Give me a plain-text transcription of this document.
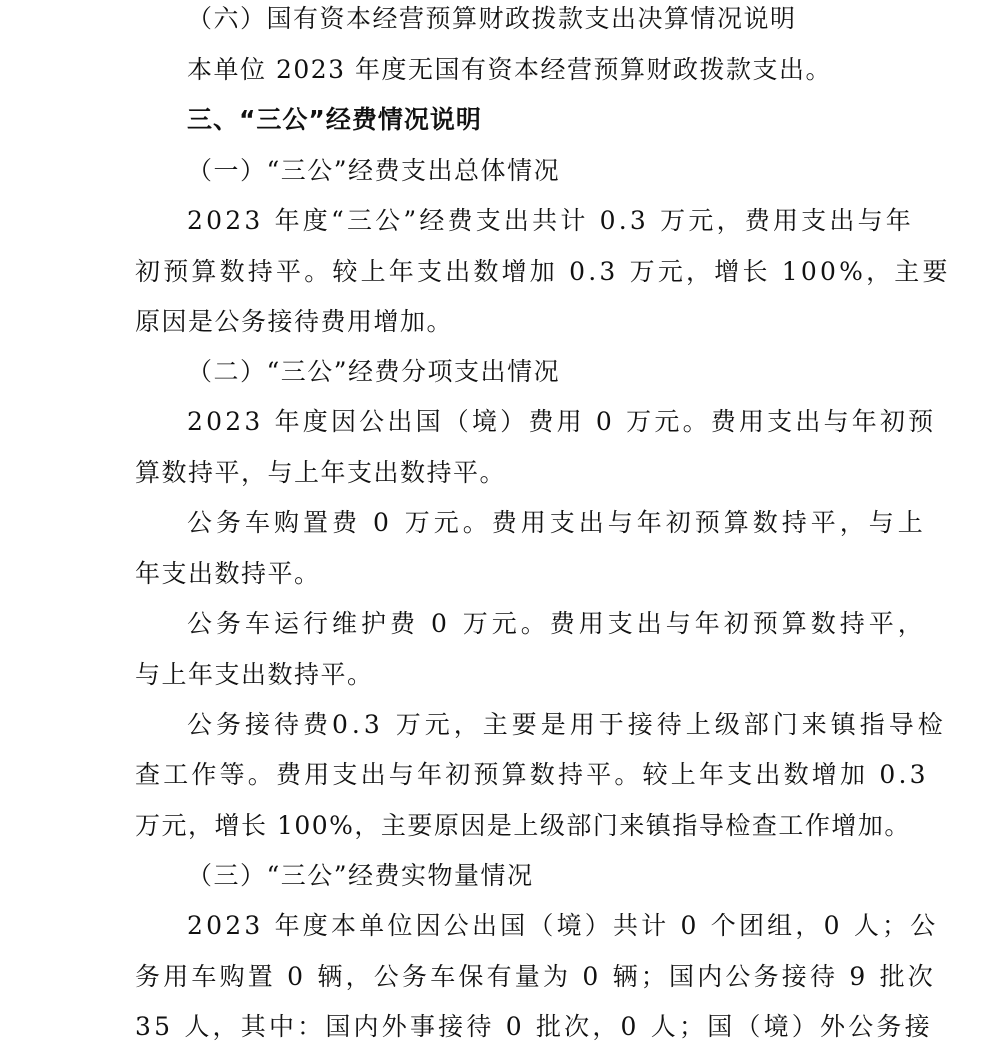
（六）国有资本经营预算财政拨款支出决算情况说明
本单位 2023 年度无国有资本经营预算财政拨款支出。
三、“三公”经费情况说明
（一）“三公”经费支出总体情况
2023 年度“三公”经费支出共计 0.3 万元，费用支出与年
初预算数持平。较上年支出数增加 0.3 万元，增长 100%，主要
原因是公务接待费用增加。
（二）“三公”经费分项支出情况
2023 年度因公出国（境）费用 0 万元。费用支出与年初预
算数持平，与上年支出数持平。
公务车购置费 0 万元。费用支出与年初预算数持平，与上
年支出数持平。
公务车运行维护费 0 万元。费用支出与年初预算数持平，
与上年支出数持平。
公务接待费0.3 万元，主要是用于接待上级部门来镇指导检
查工作等。费用支出与年初预算数持平。较上年支出数增加 0.3
万元，增长 100%，主要原因是上级部门来镇指导检查工作增加。
（三）“三公”经费实物量情况
2023 年度本单位因公出国（境）共计 0 个团组，0 人；公
务用车购置 0 辆，公务车保有量为 0 辆；国内公务接待 9 批次
35 人，其中：国内外事接待 0 批次，0 人；国（境）外公务接
